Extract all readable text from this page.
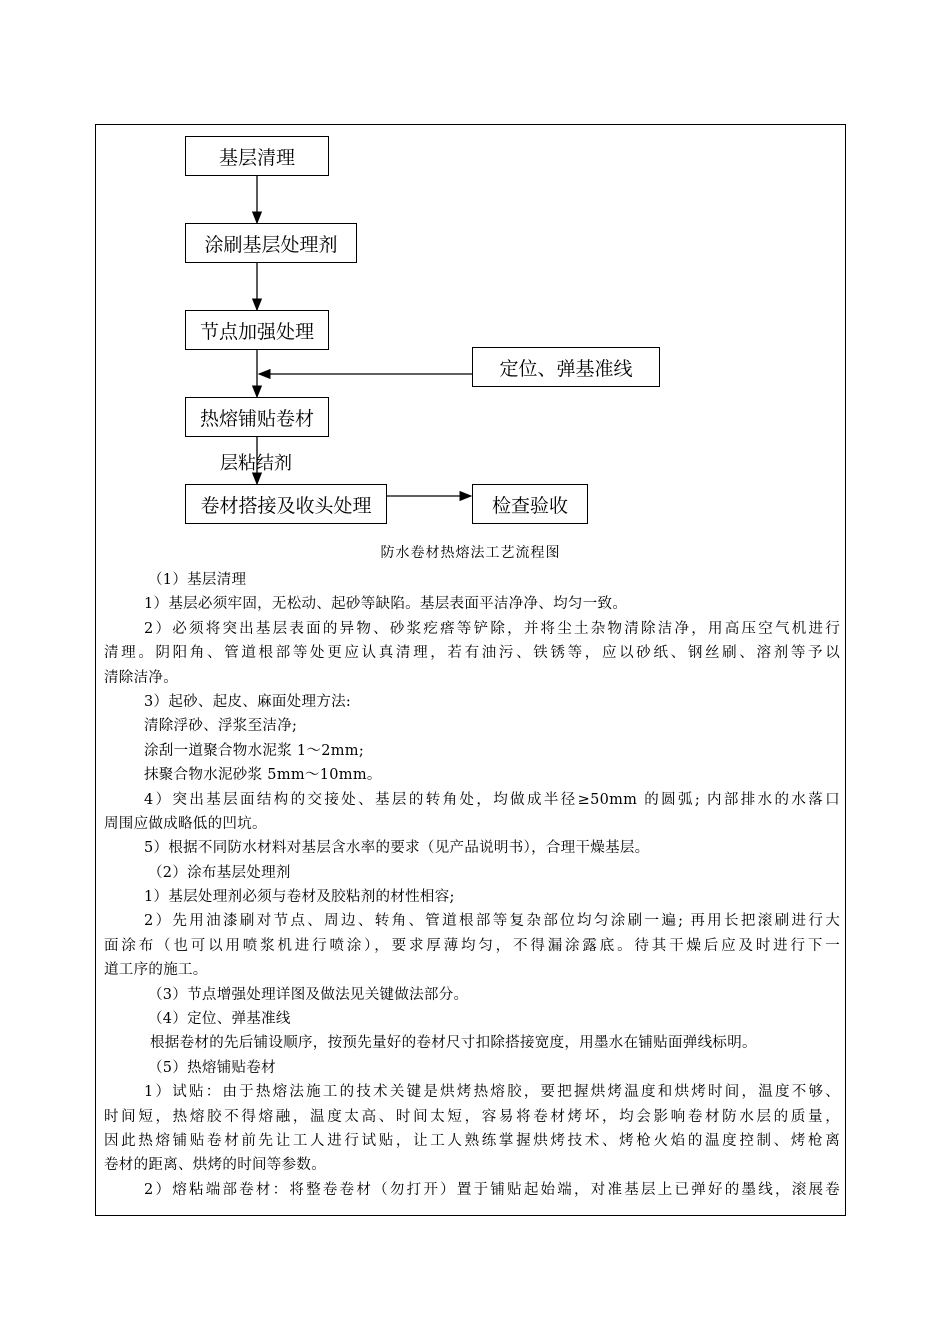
基层清理
涂刷基层处理剂
节点加强处理
定位、弹基准线
热熔铺贴卷材
层粘结剂
卷材搭接及收头处理	检查验收
防水卷材热熔法工艺流程图
（1）基层清理
1）基层必须牢固，无松动、起砂等缺陷。基层表面平洁净净、均匀一致。
2）必须将突出基层表面的异物、砂浆疙瘩等铲除，并将尘土杂物清除洁净，用高压空气机进行
清理。阴阳角、管道根部等处更应认真清理，若有油污、铁锈等，应以砂纸、钢丝刷、溶剂等予以
清除洁净。
3）起砂、起皮、麻面处理方法:
清除浮砂、浮浆至洁净;
涂刮一道聚合物水泥浆 1～2mm;
抹聚合物水泥砂浆 5mm～10mm。
4）突出基层面结构的交接处、基层的转角处，均做成半径≥50mm 的圆弧; 内部排水的水落口
周围应做成略低的凹坑。
5）根据不同防水材料对基层含水率的要求（见产品说明书），合理干燥基层。
（2）涂布基层处理剂
1）基层处理剂必须与卷材及胶粘剂的材性相容;
2）先用油漆刷对节点、周边、转角、管道根部等复杂部位均匀涂刷一遍; 再用长把滚刷进行大
面涂布（也可以用喷浆机进行喷涂），要求厚薄均匀，不得漏涂露底。待其干燥后应及时进行下一
道工序的施工。
（3）节点增强处理详图及做法见关键做法部分。
（4）定位、弹基准线
根据卷材的先后铺设顺序，按预先量好的卷材尺寸扣除搭接宽度，用墨水在铺贴面弹线标明。
（5）热熔铺贴卷材
1）试贴：由于热熔法施工的技术关键是烘烤热熔胶，要把握烘烤温度和烘烤时间，温度不够、
时间短，热熔胶不得熔融，温度太高、时间太短，容易将卷材烤坏，均会影响卷材防水层的质量，
因此热熔铺贴卷材前先让工人进行试贴，让工人熟练掌握烘烤技术、烤枪火焰的温度控制、烤枪离
卷材的距离、烘烤的时间等参数。
2）熔粘端部卷材：将整卷卷材（勿打开）置于铺贴起始端，对准基层上已弹好的墨线，滚展卷
